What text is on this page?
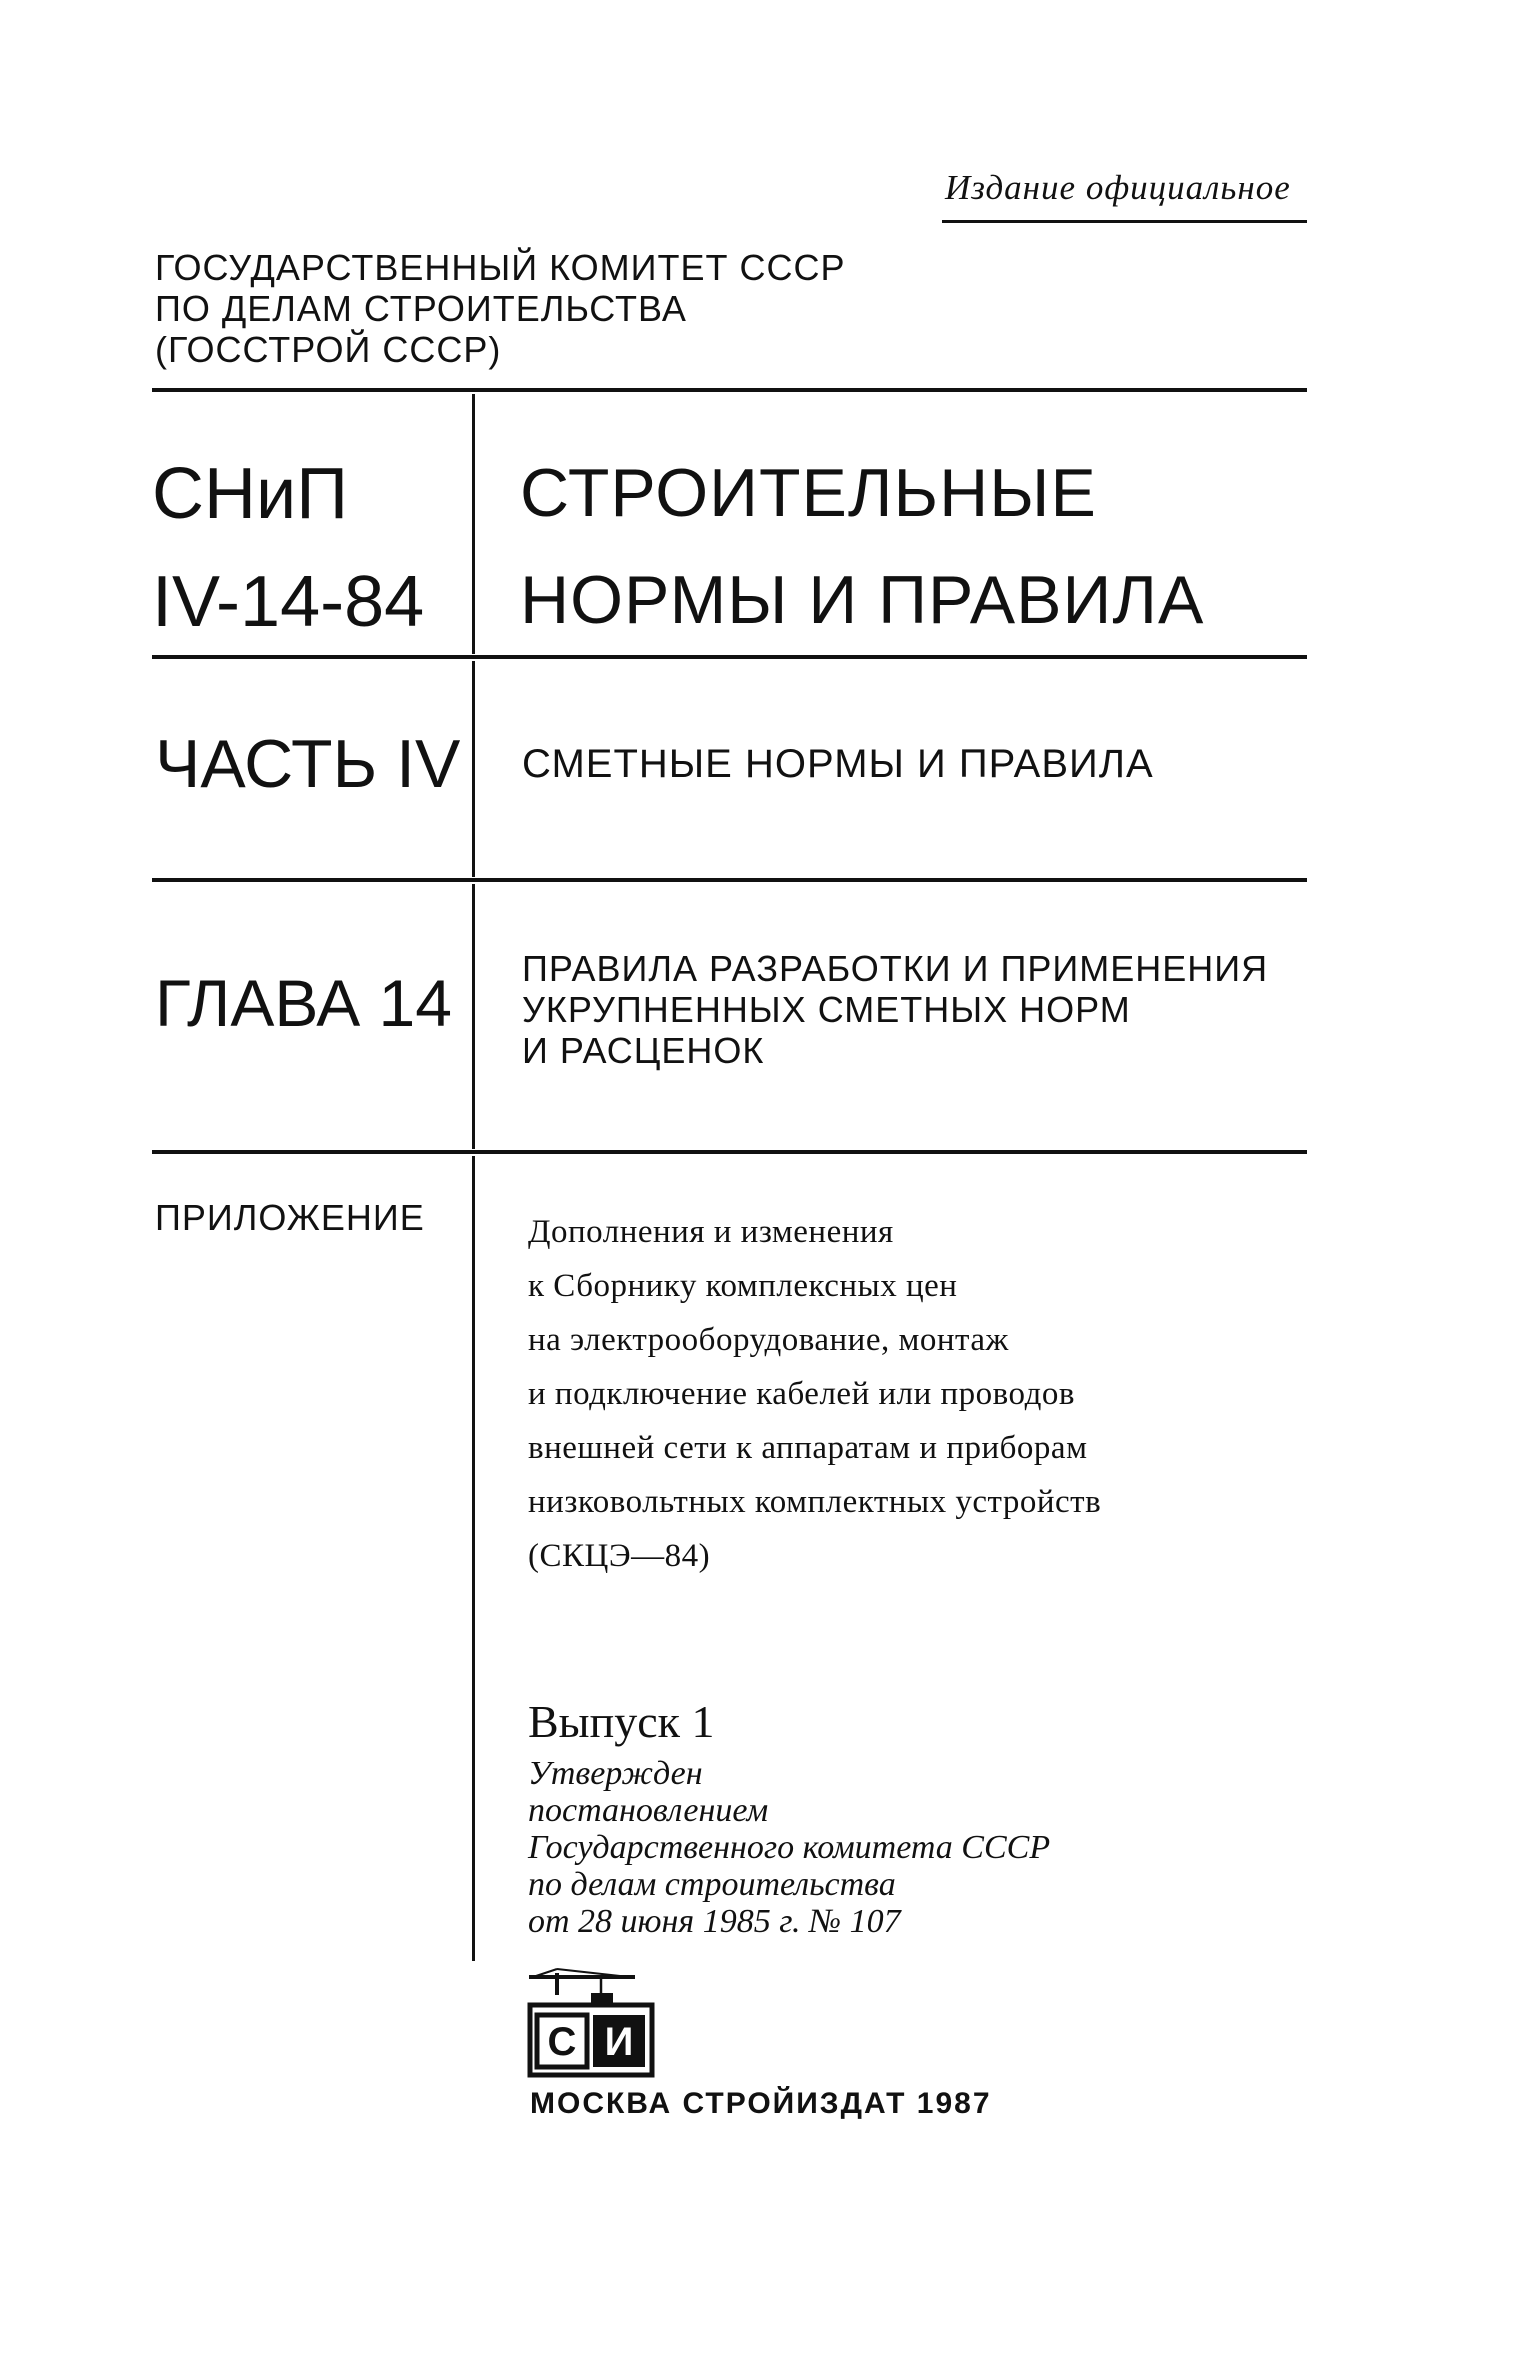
Издание официальное
ГОСУДАРСТВЕННЫЙ КОМИТЕТ СССР
ПО ДЕЛАМ СТРОИТЕЛЬСТВА
(ГОССТРОЙ СССР)
СНиП
IV-14-84
СТРОИТЕЛЬНЫЕ
НОРМЫ И ПРАВИЛА
ЧАСТЬ IV СМЕТНЫЕ НОРМЫ И ПРАВИЛА
ГЛАВА 14 ПРАВИЛА РАЗРАБОТКИ И ПРИМЕНЕНИЯ
УКРУПНЕННЫХ СМЕТНЫХ НОРМ
И РАСЦЕНОК
ПРИЛОЖЕНИЕ	Дополнения и изменения
к Сборнику комплексных цен
на электрооборудование, монтаж
и подключение кабелей или проводов
внешней сети к аппаратам и приборам
низковольтных комплектных устройств
(СКЦЭ—84)
Выпуск 1
Утвержден
постановлением
Государственного комитета СССР
по делам строительства
от 28 июня 1985 г. № 107
С И
МОСКВА СТРОЙИЗДАТ 1987
